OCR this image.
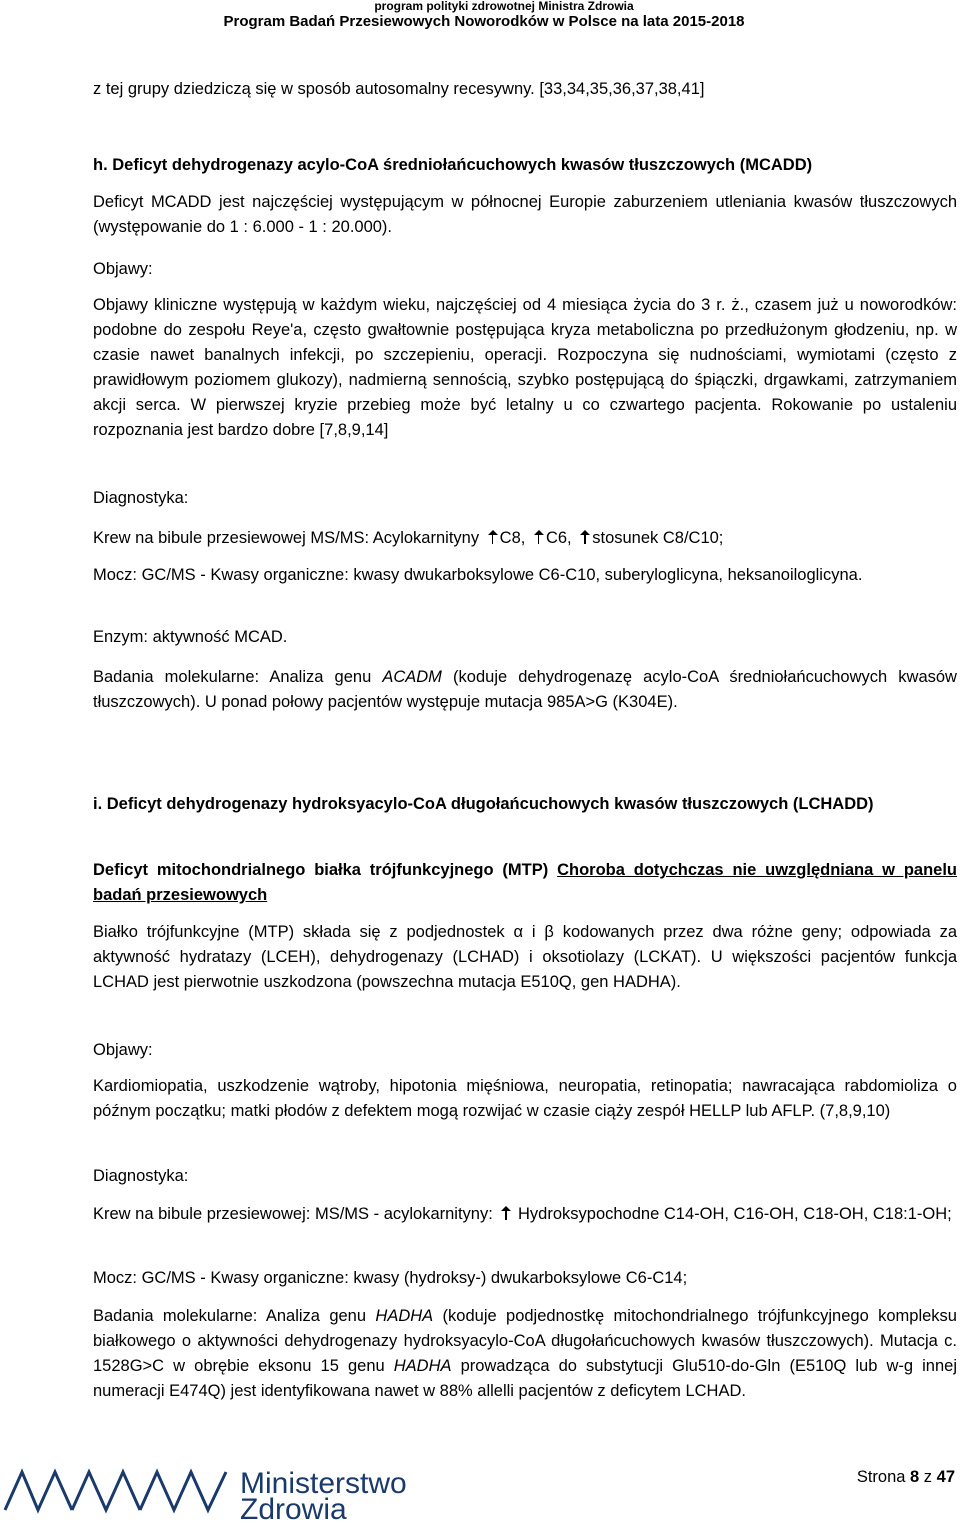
program polityki zdrowotnej Ministra Zdrowia
Program Badań Przesiewowych Noworodków w Polsce na lata 2015-2018
z tej grupy dziedziczą się w sposób autosomalny recesywny. [33,34,35,36,37,38,41]
h. Deficyt dehydrogenazy acylo-CoA średniołańcuchowych kwasów tłuszczowych (MCADD)
Deficyt MCADD jest najczęściej występującym w północnej Europie zaburzeniem utleniania kwasów tłuszczowych (występowanie do 1 : 6.000 - 1 : 20.000).
Objawy:
Objawy kliniczne występują w każdym wieku, najczęściej od 4 miesiąca życia do 3 r. ż., czasem już u noworodków: podobne do zespołu Reye'a, często gwałtownie postępująca kryza metaboliczna po przedłużonym głodzeniu, np. w czasie nawet banalnych infekcji, po szczepieniu, operacji. Rozpoczyna się nudnościami, wymiotami (często z prawidłowym poziomem glukozy), nadmierną sennością, szybko postępującą do śpiączki, drgawkami, zatrzymaniem akcji serca. W pierwszej kryzie przebieg może być letalny u co czwartego pacjenta. Rokowanie po ustaleniu rozpoznania jest bardzo dobre [7,8,9,14]
Diagnostyka:
Krew na bibule przesiewowej MS/MS: Acylokarnityny C8, C6, stosunek C8/C10;
Mocz: GC/MS - Kwasy organiczne: kwasy dwukarboksylowe C6-C10, suberyloglicyna, heksanoiloglicyna.
Enzym: aktywność MCAD.
Badania molekularne: Analiza genu ACADM (koduje dehydrogenazę acylo-CoA średniołańcuchowych kwasów tłuszczowych). U ponad połowy pacjentów występuje mutacja 985A>G (K304E).
i. Deficyt dehydrogenazy hydroksyacylo-CoA długołańcuchowych kwasów tłuszczowych (LCHADD)
Deficyt mitochondrialnego białka trójfunkcyjnego (MTP) Choroba dotychczas nie uwzględniana w panelu badań przesiewowych
Białko trójfunkcyjne (MTP) składa się z podjednostek α i β kodowanych przez dwa różne geny; odpowiada za aktywność hydratazy (LCEH), dehydrogenazy (LCHAD) i oksotiolazy (LCKAT). U większości pacjentów funkcja LCHAD jest pierwotnie uszkodzona (powszechna mutacja E510Q, gen HADHA).
Objawy:
Kardiomiopatia, uszkodzenie wątroby, hipotonia mięśniowa, neuropatia, retinopatia; nawracająca rabdomioliza o późnym początku; matki płodów z defektem mogą rozwijać w czasie ciąży zespół HELLP lub AFLP. (7,8,9,10)
Diagnostyka:
Krew na bibule przesiewowej: MS/MS - acylokarnityny: Hydroksypochodne C14-OH, C16-OH, C18-OH, C18:1-OH;
Mocz: GC/MS - Kwasy organiczne: kwasy (hydroksy-) dwukarboksylowe C6-C14;
Badania molekularne: Analiza genu HADHA (koduje podjednostkę mitochondrialnego trójfunkcyjnego kompleksu białkowego o aktywności dehydrogenazy hydroksyacylo-CoA długołańcuchowych kwasów tłuszczowych). Mutacja c. 1528G>C w obrębie eksonu 15 genu HADHA prowadząca do substytucji Glu510-do-Gln (E510Q lub w-g innej numeracji E474Q) jest identyfikowana nawet w 88% allelli pacjentów z deficytem LCHAD.
Ministerstwo
Zdrowia
Strona 8 z 47
